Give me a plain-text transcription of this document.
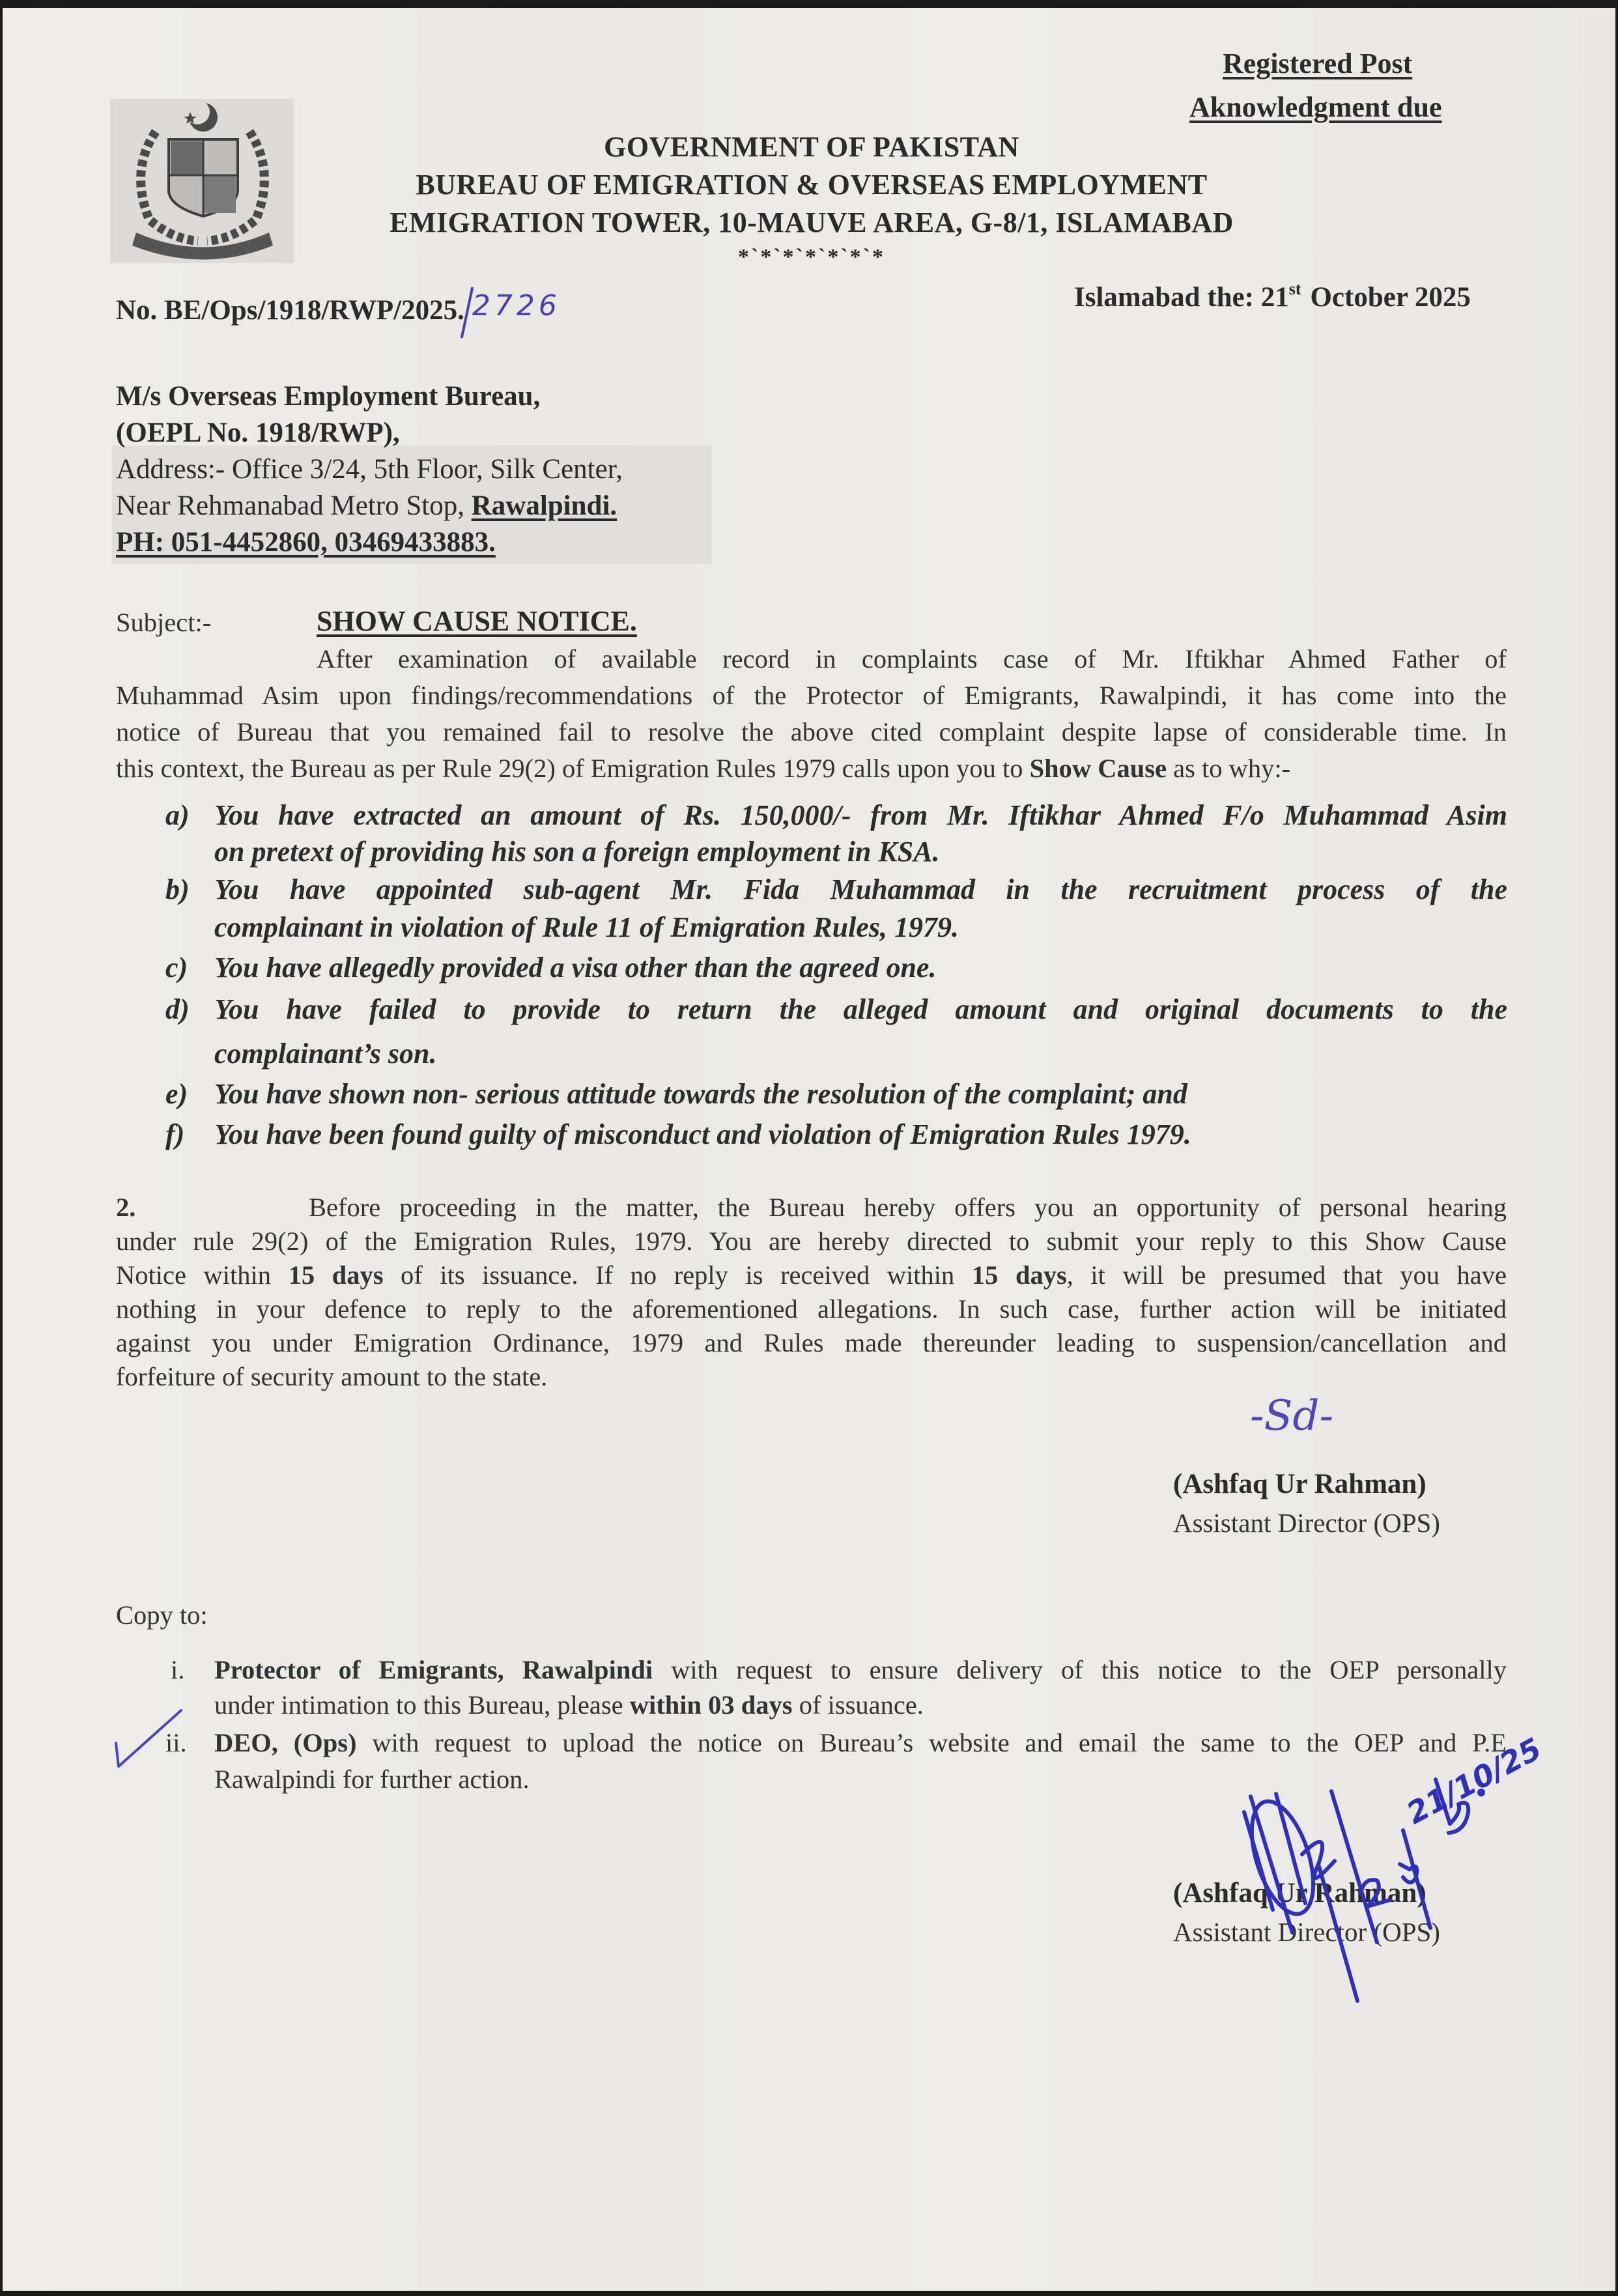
Registered Post
Aknowledgment due
GOVERNMENT OF PAKISTAN
BUREAU OF EMIGRATION & OVERSEAS EMPLOYMENT
EMIGRATION TOWER, 10-MAUVE AREA, G-8/1, ISLAMABAD
*`*`*`*`*`*`*
No. BE/Ops/1918/RWP/2025. 2726	Islamabad the: 21st October 2025
M/s Overseas Employment Bureau,
(OEPL No. 1918/RWP),
Address:- Office 3/24, 5th Floor, Silk Center,
Near Rehmanabad Metro Stop, Rawalpindi.
PH: 051-4452860, 03469433883.
Subject:-	SHOW CAUSE NOTICE.
After examination of available record in complaints case of Mr. Iftikhar Ahmed Father of
Muhammad Asim upon findings/recommendations of the Protector of Emigrants, Rawalpindi, it has come into the
notice of Bureau that you remained fail to resolve the above cited complaint despite lapse of considerable time. In
this context, the Bureau as per Rule 29(2) of Emigration Rules 1979 calls upon you to Show Cause as to why:-
a) You have extracted an amount of Rs. 150,000/- from Mr. Iftikhar Ahmed F/o Muhammad Asim
on pretext of providing his son a foreign employment in KSA.
b) You have appointed sub-agent Mr. Fida Muhammad in the recruitment process of the
complainant in violation of Rule 11 of Emigration Rules, 1979.
c) You have allegedly provided a visa other than the agreed one.
d) You have failed to provide to return the alleged amount and original documents to the
complainant’s son.
e) You have shown non- serious attitude towards the resolution of the complaint; and
f) You have been found guilty of misconduct and violation of Emigration Rules 1979.
2.	Before proceeding in the matter, the Bureau hereby offers you an opportunity of personal hearing
under rule 29(2) of the Emigration Rules, 1979. You are hereby directed to submit your reply to this Show Cause
Notice within 15 days of its issuance. If no reply is received within 15 days, it will be presumed that you have
nothing in your defence to reply to the aforementioned allegations. In such case, further action will be initiated
against you under Emigration Ordinance, 1979 and Rules made thereunder leading to suspension/cancellation and
forfeiture of security amount to the state.
-Sd-
(Ashfaq Ur Rahman)
Assistant Director (OPS)
Copy to:
i. Protector of Emigrants, Rawalpindi with request to ensure delivery of this notice to the OEP personally
under intimation to this Bureau, please within 03 days of issuance.
ii. DEO, (Ops) with request to upload the notice on Bureau’s website and email the same to the OEP and P.E
Rawalpindi for further action.
(Ashfaq Ur Rahman)
Assistant Director (OPS)
21/10/25
